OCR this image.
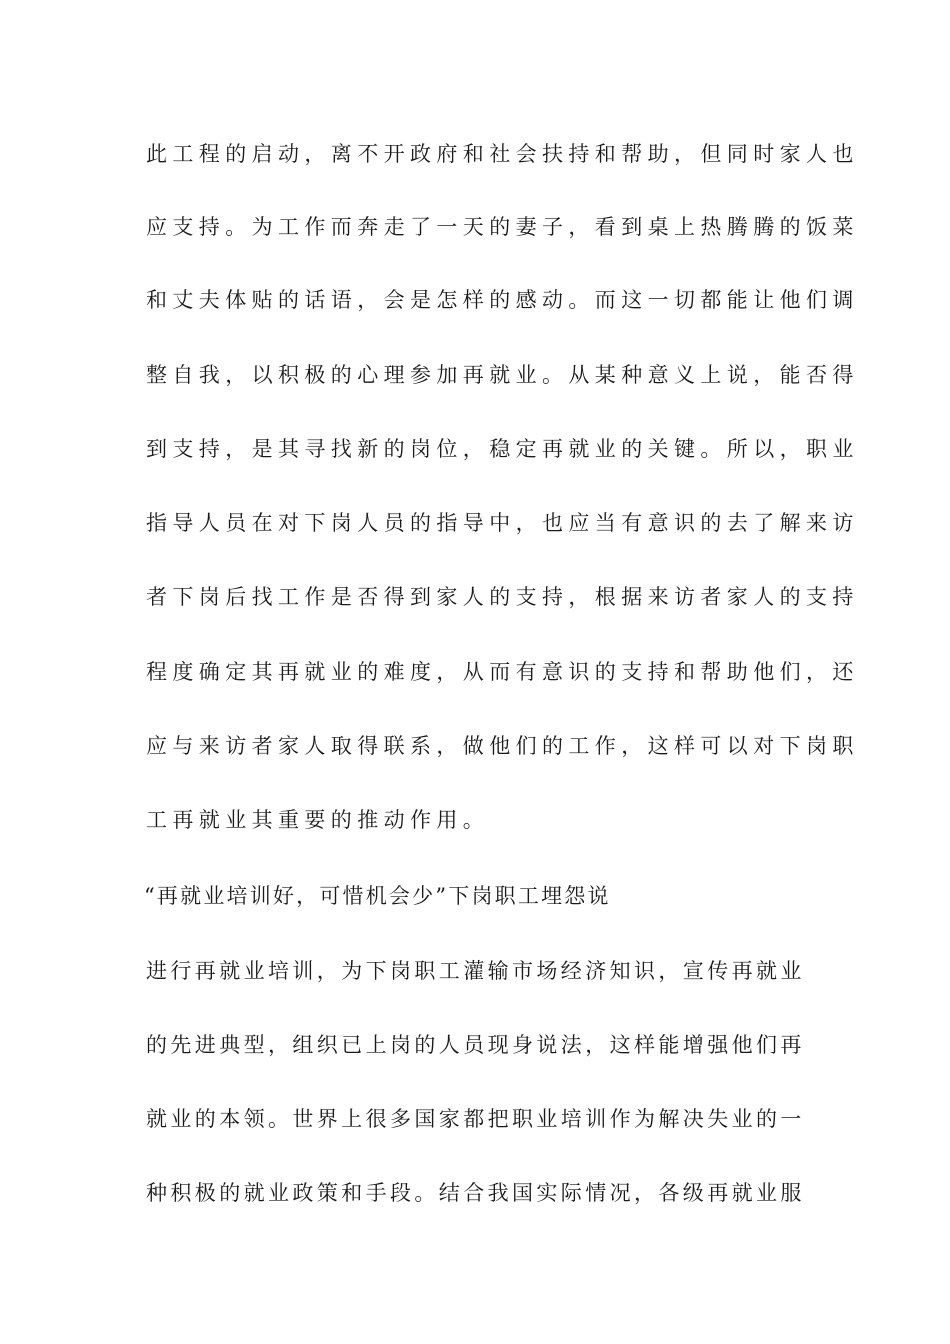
此工程的启动，离不开政府和社会扶持和帮助，但同时家人也
应支持。为工作而奔走了一天的妻子，看到桌上热腾腾的饭菜
和丈夫体贴的话语，会是怎样的感动。而这一切都能让他们调
整自我，以积极的心理参加再就业。从某种意义上说，能否得
到支持，是其寻找新的岗位，稳定再就业的关键。所以，职业
指导人员在对下岗人员的指导中，也应当有意识的去了解来访
者下岗后找工作是否得到家人的支持，根据来访者家人的支持
程度确定其再就业的难度，从而有意识的支持和帮助他们，还
应与来访者家人取得联系，做他们的工作，这样可以对下岗职
工再就业其重要的推动作用。
“再就业培训好，可惜机会少”下岗职工埋怨说
进行再就业培训，为下岗职工灌输市场经济知识，宣传再就业
的先进典型，组织已上岗的人员现身说法，这样能增强他们再
就业的本领。世界上很多国家都把职业培训作为解决失业的一
种积极的就业政策和手段。结合我国实际情况，各级再就业服
